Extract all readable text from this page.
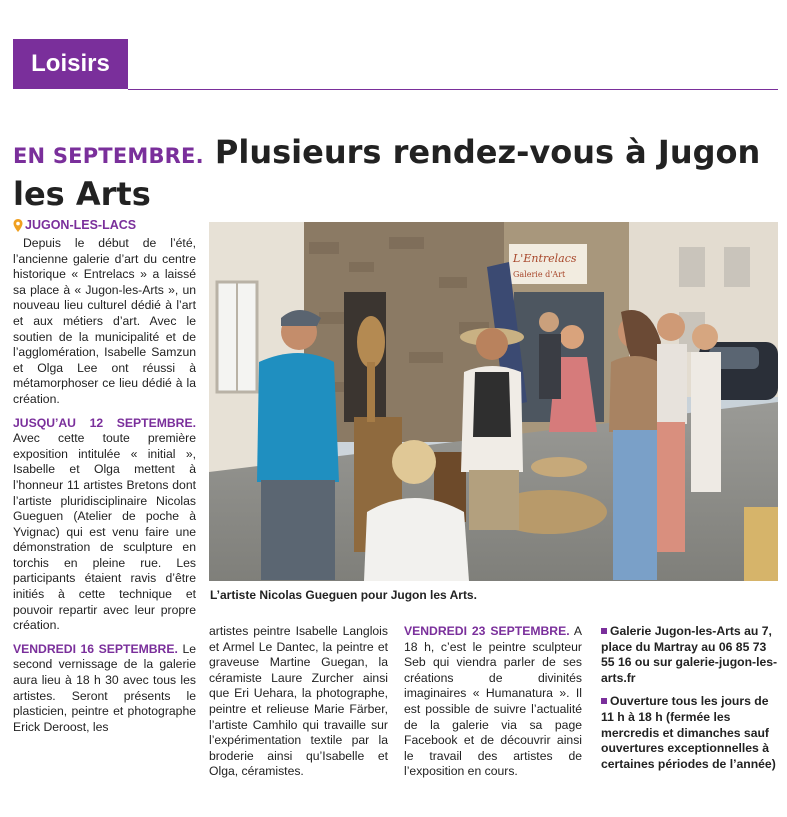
Loisirs
EN SEPTEMBRE. Plusieurs rendez-vous à Jugon les Arts
JUGON-LES-LACS

Depuis le début de l’été, l’ancienne galerie d’art du centre historique « Entrelacs » a laissé sa place à « Jugon-les-Arts », un nouveau lieu culturel dédié à l’art et aux métiers d’art. Avec le soutien de la municipalité et de l’agglomération, Isabelle Samzun et Olga Lee ont réussi à métamorphoser ce lieu dédié à la création.

JUSQU’AU 12 SEPTEMBRE. Avec cette toute première exposition intitulée « initial », Isabelle et Olga mettent à l’honneur 11 artistes Bretons dont l’artiste pluridisciplinaire Nicolas Gueguen (Atelier de poche à Yvignac) qui est venu faire une démonstration de sculpture en torchis en pleine rue. Les participants étaient ravis d’être initiés à cette technique et pouvoir repartir avec leur propre création.

VENDREDI 16 SEPTEMBRE. Le second vernissage de la galerie aura lieu à 18 h 30 avec tous les artistes. Seront présents le plasticien, peintre et photographe Erick Deroost, les

L'Entrelacs
Galerie d'Art
L’artiste Nicolas Gueguen pour Jugon les Arts.

artistes peintre Isabelle Langlois et Armel Le Dantec, la peintre et graveuse Martine Guegan, la céramiste Laure Zurcher ainsi que Eri Uehara, la photographe, peintre et relieuse Marie Färber, l’artiste Camhilo qui travaille sur l’expérimentation textile par la broderie ainsi qu’Isabelle et Olga, céramistes.

VENDREDI 23 SEPTEMBRE. A 18 h, c’est le peintre sculpteur Seb qui viendra parler de ses créations de divinités imaginaires « Humanatura ». Il est possible de suivre l’actualité de la galerie via sa page Facebook et de découvrir ainsi le travail des artistes de l’exposition en cours.

Galerie Jugon-les-Arts au 7, place du Martray au 06 85 73 55 16 ou sur galerie-jugon-les-arts.fr

Ouverture tous les jours de 11 h à 18 h (fermée les mercredis et dimanches sauf ouvertures exceptionnelles à certaines périodes de l’année)
